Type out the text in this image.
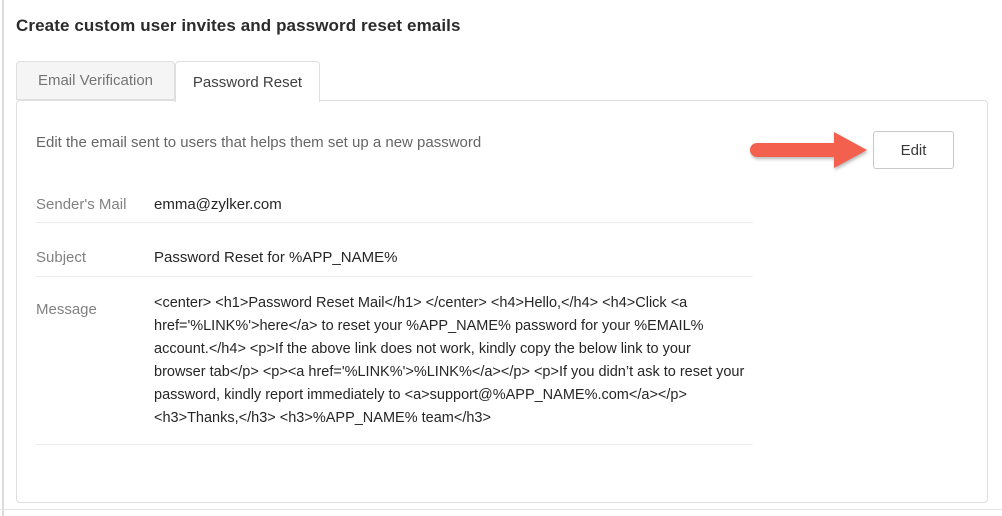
Create custom user invites and password reset emails
Email Verification	Password Reset
Edit the email sent to users that helps them set up a new password	Edit
Sender's Mail emma@zylker.com
Subject	Password Reset for %APP_NAME%
Message	<center> <h1>Password Reset Mail</h1> </center> <h4>Hello,</h4> <h4>Click <a href='%LINK%'>here</a> to reset your %APP_NAME% password for your %EMAIL% account.</h4> <p>If the above link does not work, kindly copy the below link to your browser tab</p> <p><a href='%LINK%'>%LINK%</a></p> <p>If you didn’t ask to reset your password, kindly report immediately to <a>support@%APP_NAME%.com</a></p> <h3>Thanks,</h3> <h3>%APP_NAME% team</h3>
